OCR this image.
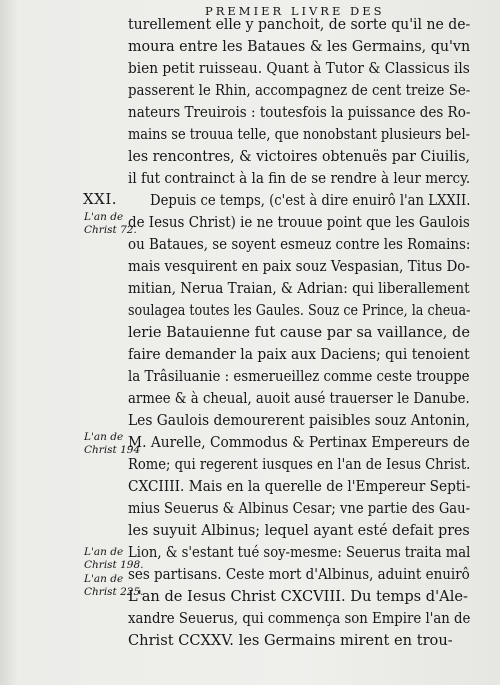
PREMIER LIVRE DES
XXI.
turellement elle y panchoit, de sorte qu'il ne de-
moura entre les Bataues & les Germains, qu'vn
bien petit ruisseau. Quant à Tutor & Classicus ils
passerent le Rhin, accompagnez de cent treize Se-
nateurs Treuirois : toutesfois la puissance des Ro-
mains se trouua telle, que nonobstant plusieurs bel-
les rencontres, & victoires obtenuës par Ciuilis,
il fut contrainct à la fin de se rendre à leur mercy.
Depuis ce temps, (c'est à dire enuirô l'an LXXII.
de Iesus Christ) ie ne trouue point que les Gaulois
ou Bataues, se soyent esmeuz contre les Romains:
mais vesquirent en paix souz Vespasian, Titus Do-
mitian, Nerua Traian, & Adrian: qui liberallement
soulagea toutes les Gaules. Souz ce Prince, la cheua-
lerie Batauienne fut cause par sa vaillance, de
faire demander la paix aux Daciens; qui tenoient
la Trâsiluanie : esmerueillez comme ceste trouppe
armee & à cheual, auoit ausé trauerser le Danube.
Les Gaulois demourerent paisibles souz Antonin,
M. Aurelle, Commodus & Pertinax Empereurs de
Rome; qui regerent iusques en l'an de Iesus Christ.
CXCIIII. Mais en la querelle de l'Empereur Septi-
mius Seuerus & Albinus Cesar; vne partie des Gau-
les suyuit Albinus; lequel ayant esté defait pres
Lion, & s'estant tué soy-mesme: Seuerus traita mal
ses partisans. Ceste mort d'Albinus, aduint enuirô
L'an de Iesus Christ CXCVIII. Du temps d'Ale-
xandre Seuerus, qui commença son Empire l'an de
Christ CCXXV. les Germains mirent en trou-
L'an de
Christ 72.
L'an de
Christ 194
L'an de
Christ 198.
L'an de
Christ 225.
